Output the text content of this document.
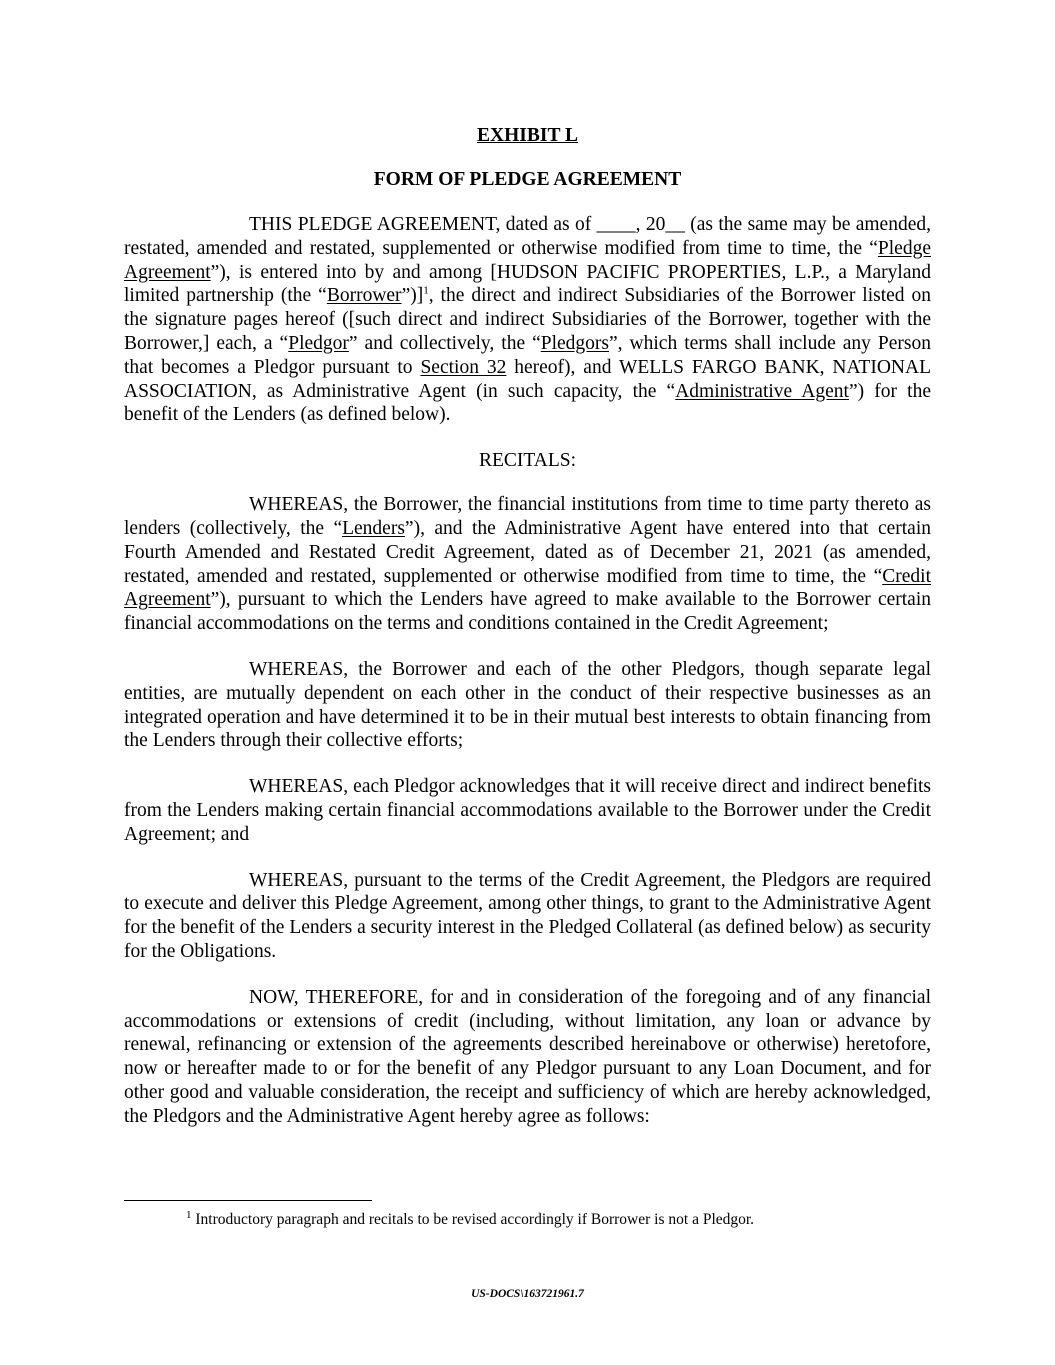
EXHIBIT L

FORM OF PLEDGE AGREEMENT

THIS PLEDGE AGREEMENT, dated as of ____, 20__ (as the same may be amended, restated, amended and restated, supplemented or otherwise modified from time to time, the “Pledge Agreement”), is entered into by and among [HUDSON PACIFIC PROPERTIES, L.P., a Maryland limited partnership (the “Borrower”)]$^1$, the direct and indirect Subsidiaries of the Borrower listed on the signature pages hereof ([such direct and indirect Subsidiaries of the Borrower, together with the Borrower,] each, a “Pledgor” and collectively, the “Pledgors”, which terms shall include any Person that becomes a Pledgor pursuant to Section 32 hereof), and WELLS FARGO BANK, NATIONAL ASSOCIATION, as Administrative Agent (in such capacity, the “Administrative Agent”) for the benefit of the Lenders (as defined below).

RECITALS:

WHEREAS, the Borrower, the financial institutions from time to time party thereto as lenders (collectively, the “Lenders”), and the Administrative Agent have entered into that certain Fourth Amended and Restated Credit Agreement, dated as of December 21, 2021 (as amended, restated, amended and restated, supplemented or otherwise modified from time to time, the “Credit Agreement”), pursuant to which the Lenders have agreed to make available to the Borrower certain financial accommodations on the terms and conditions contained in the Credit Agreement;

WHEREAS, the Borrower and each of the other Pledgors, though separate legal entities, are mutually dependent on each other in the conduct of their respective businesses as an integrated operation and have determined it to be in their mutual best interests to obtain financing from the Lenders through their collective efforts;

WHEREAS, each Pledgor acknowledges that it will receive direct and indirect benefits from the Lenders making certain financial accommodations available to the Borrower under the Credit Agreement; and

WHEREAS, pursuant to the terms of the Credit Agreement, the Pledgors are required to execute and deliver this Pledge Agreement, among other things, to grant to the Administrative Agent for the benefit of the Lenders a security interest in the Pledged Collateral (as defined below) as security for the Obligations.

NOW, THEREFORE, for and in consideration of the foregoing and of any financial accommodations or extensions of credit (including, without limitation, any loan or advance by renewal, refinancing or extension of the agreements described hereinabove or otherwise) heretofore, now or hereafter made to or for the benefit of any Pledgor pursuant to any Loan Document, and for other good and valuable consideration, the receipt and sufficiency of which are hereby acknowledged, the Pledgors and the Administrative Agent hereby agree as follows:

$^1$ Introductory paragraph and recitals to be revised accordingly if Borrower is not a Pledgor.
US-DOCS\163721961.7
